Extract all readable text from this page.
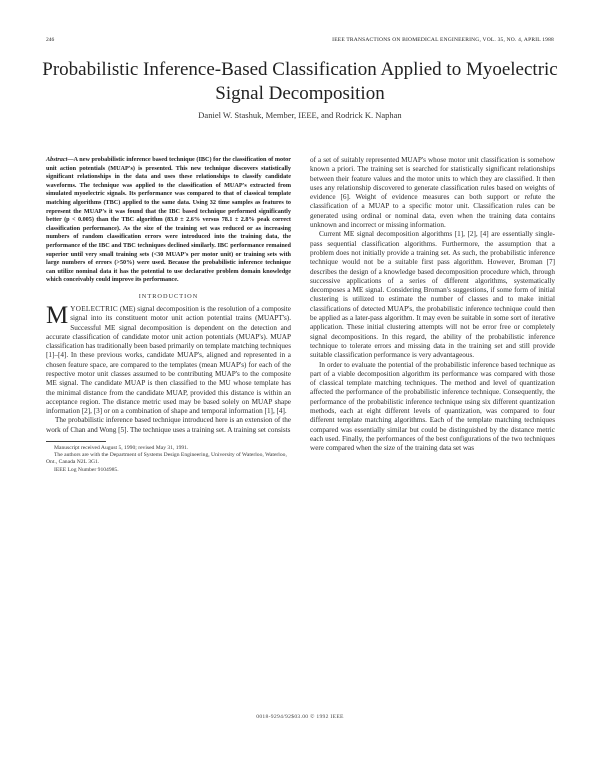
246	IEEE TRANSACTIONS ON BIOMEDICAL ENGINEERING, VOL. 35, NO. 4, APRIL 1988
Probabilistic Inference-Based Classification Applied to Myoelectric Signal Decomposition
Daniel W. Stashuk, Member, IEEE, and Rodrick K. Naphan
Abstract—A new probabilistic inference based technique (IBC) for the classification of motor unit action potentials (MUAP's) is presented. This new technique discovers statistically significant relationships in the data and uses these relationships to classify candidate waveforms. The technique was applied to the classification of MUAP's extracted from simulated myoelectric signals. Its performance was compared to that of classical template matching algorithms (TBC) applied to the same data. Using 32 time samples as features to represent the MUAP's it was found that the IBC based technique performed significantly better (p < 0.005) than the TBC algorithm (83.0 ± 2.6% versus 78.1 ± 2.8% peak correct classification performance). As the size of the training set was reduced or as increasing numbers of random classification errors were introduced into the training data, the performance of the IBC and TBC techniques declined similarly. IBC performance remained superior until very small training sets (<30 MUAP's per motor unit) or training sets with large numbers of errors (>50%) were used. Because the probabilistic inference technique can utilize nominal data it has the potential to use declarative problem domain knowledge which conceivably could improve its performance.
INTRODUCTION

MYOELECTRIC (ME) signal decomposition is the resolution of a composite signal into its constituent motor unit action potential trains (MUAPT's). Successful ME signal decomposition is dependent on the detection and accurate classification of candidate motor unit action potentials (MUAP's). MUAP classification has traditionally been based primarily on template matching techniques [1]–[4]. In these previous works, candidate MUAP's, aligned and represented in a chosen feature space, are compared to the templates (mean MUAP's) for each of the respective motor unit classes assumed to be contributing MUAP's to the composite ME signal. The candidate MUAP is then classified to the MU whose template has the minimal distance from the candidate MUAP, provided this distance is within an acceptance region. The distance metric used may be based solely on MUAP shape information [2], [3] or on a combination of shape and temporal information [1], [4].

The probabilistic inference based technique introduced here is an extension of the work of Chan and Wong [5]. The technique uses a training set. A training set consists

Manuscript received August 5, 1990; revised May 31, 1991.
The authors are with the Department of Systems Design Engineering, University of Waterloo, Waterloo, Ont., Canada N2L 3G1.
IEEE Log Number 9104985.

of a set of suitably represented MUAP's whose motor unit classification is somehow known a priori. The training set is searched for statistically significant relationships between their feature values and the motor units to which they are classified. It then uses any relationship discovered to generate classification rules based on weights of evidence [6]. Weight of evidence measures can both support or refute the classification of a MUAP to a specific motor unit. Classification rules can be generated using ordinal or nominal data, even when the training data contains unknown and incorrect or missing information.

Current ME signal decomposition algorithms [1], [2], [4] are essentially single-pass sequential classification algorithms. Furthermore, the assumption that a problem does not initially provide a training set. As such, the probabilistic inference technique would not be a suitable first pass algorithm. However, Broman [7] describes the design of a knowledge based decomposition procedure which, through successive applications of a series of different algorithms, systematically decomposes a ME signal. Considering Broman's suggestions, if some form of initial clustering is utilized to estimate the number of classes and to make initial classifications of detected MUAP's, the probabilistic inference technique could then be applied as a later-pass algorithm. It may even be suitable in some sort of iterative application. These initial clustering attempts will not be error free or completely signal decompositions. In this regard, the ability of the probabilistic inference technique to tolerate errors and missing data in the training set and still provide suitable classification performance is very advantageous.

In order to evaluate the potential of the probabilistic inference based technique as part of a viable decomposition algorithm its performance was compared with those of classical template matching techniques. The method and level of quantization affected the performance of the probabilistic inference technique. Consequently, the performance of the probabilistic inference technique using six different quantization methods, each at eight different levels of quantization, was compared to four different template matching algorithms. Each of the template matching techniques compared was essentially similar but could be distinguished by the distance metric each used. Finally, the performances of the best configurations of the two techniques were compared when the size of the training data set was

0018-9294/92$03.00 © 1992 IEEE
